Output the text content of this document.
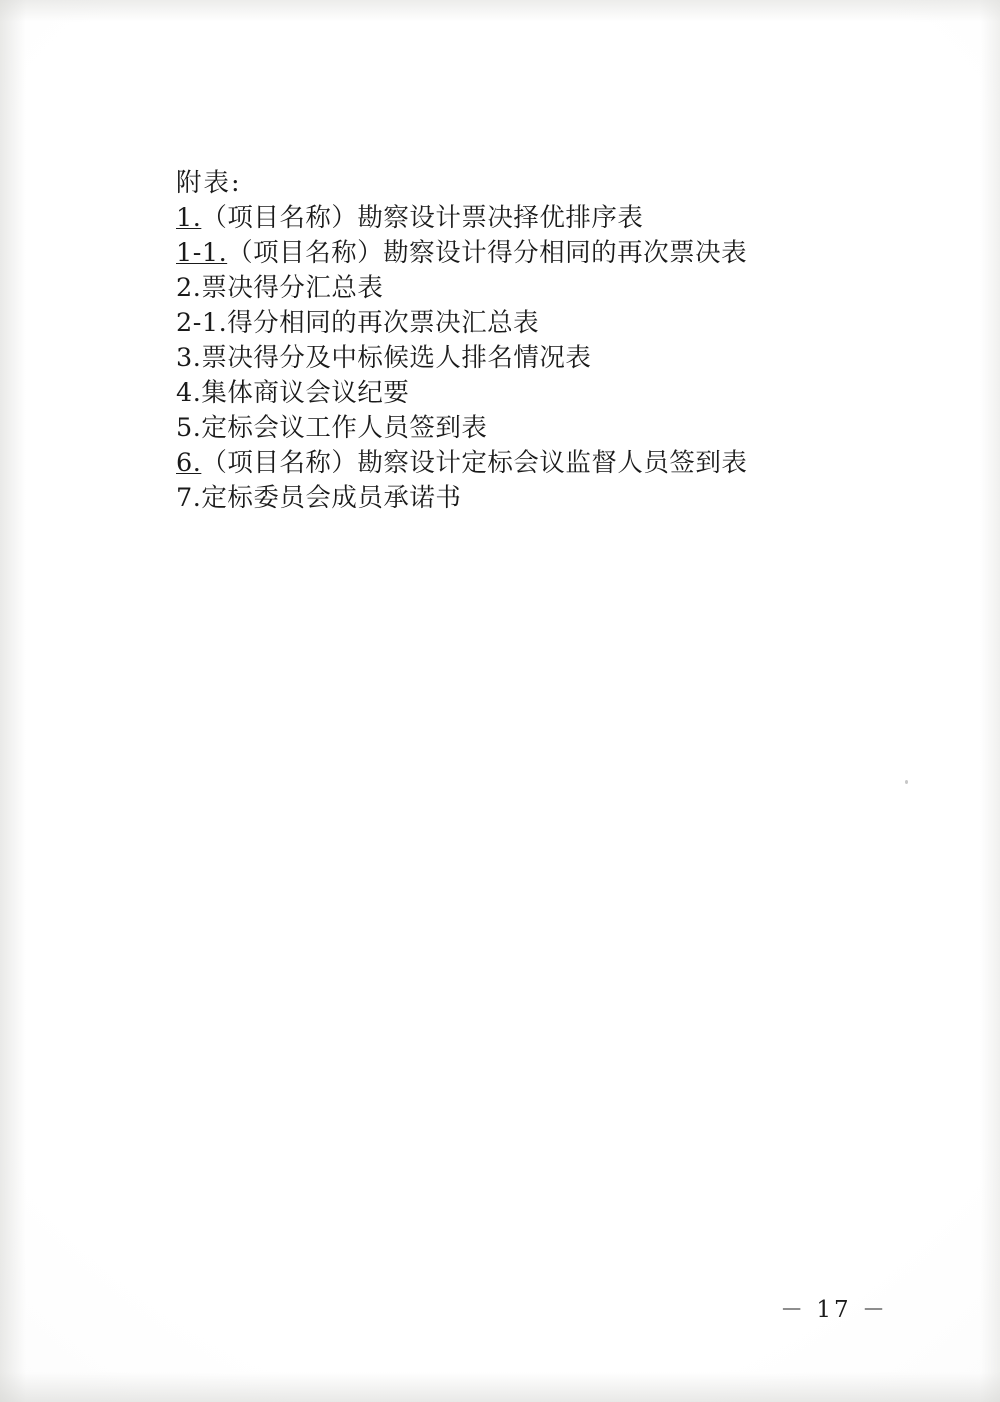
附表:

1.（项目名称）勘察设计票决择优排序表

1-1.（项目名称）勘察设计得分相同的再次票决表

2.票决得分汇总表

2-1.得分相同的再次票决汇总表

3.票决得分及中标候选人排名情况表

4.集体商议会议纪要

5.定标会议工作人员签到表

6.（项目名称）勘察设计定标会议监督人员签到表

7.定标委员会成员承诺书

－ 17 －
